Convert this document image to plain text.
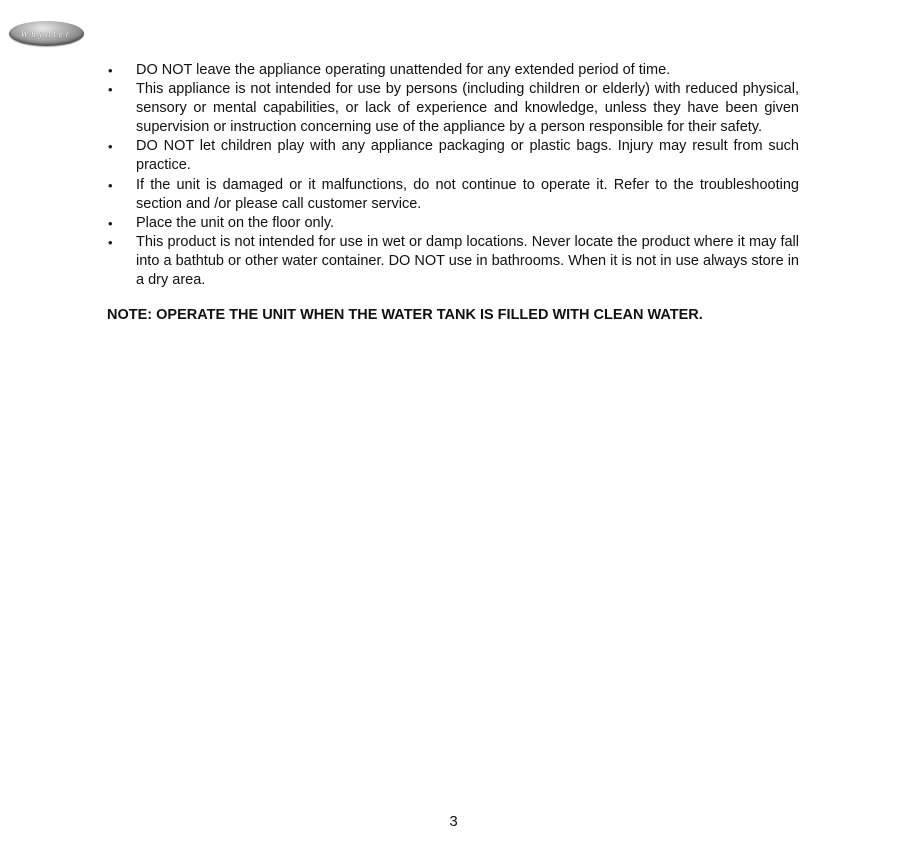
Whynter
• DO NOT leave the appliance operating unattended for any extended period of time.
• This appliance is not intended for use by persons (including children or elderly) with reduced physical, sensory or mental capabilities, or lack of experience and knowledge, unless they have been given supervision or instruction concerning use of the appliance by a person responsible for their safety.
• DO NOT let children play with any appliance packaging or plastic bags. Injury may result from such practice.
• If the unit is damaged or it malfunctions, do not continue to operate it. Refer to the troubleshooting section and /or please call customer service.
• Place the unit on the floor only.
• This product is not intended for use in wet or damp locations. Never locate the product where it may fall into a bathtub or other water container. DO NOT use in bathrooms. When it is not in use always store in a dry area.
NOTE: OPERATE THE UNIT WHEN THE WATER TANK IS FILLED WITH CLEAN WATER.
3
